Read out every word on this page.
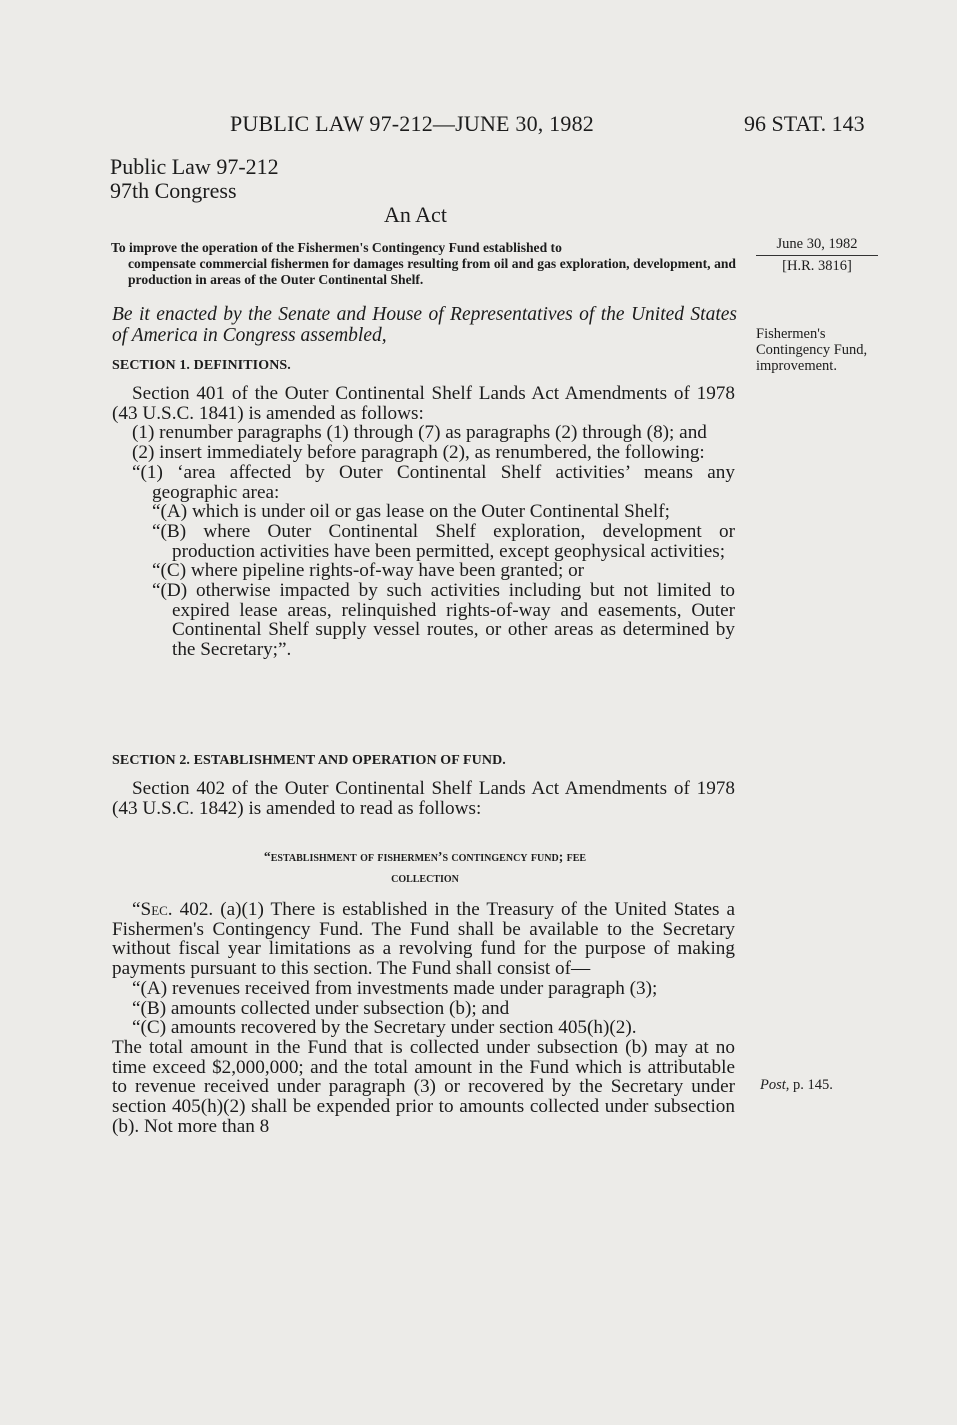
PUBLIC LAW 97-212—JUNE 30, 1982	96 STAT. 143
Public Law 97-212
97th Congress
An Act
To improve the operation of the Fishermen's Contingency Fund established to
compensate commercial fishermen for damages resulting from oil and gas exploration, development, and production in areas of the Outer Continental Shelf.
June 30, 1982
[H.R. 3816]
Fishermen's Contingency Fund, improvement.
Post, p. 145.
Be it enacted by the Senate and House of Representatives of the United States of America in Congress assembled,
SECTION 1. DEFINITIONS.
Section 401 of the Outer Continental Shelf Lands Act Amendments of 1978 (43 U.S.C. 1841) is amended as follows:
(1) renumber paragraphs (1) through (7) as paragraphs (2) through (8); and
(2) insert immediately before paragraph (2), as renumbered, the following:
“(1) ‘area affected by Outer Continental Shelf activities’ means any geographic area:
“(A) which is under oil or gas lease on the Outer Continental Shelf;
“(B) where Outer Continental Shelf exploration, development or production activities have been permitted, except geophysical activities;
“(C) where pipeline rights-of-way have been granted; or
“(D) otherwise impacted by such activities including but not limited to expired lease areas, relinquished rights-of-way and easements, Outer Continental Shelf supply vessel routes, or other areas as determined by the Secretary;”.
SECTION 2. ESTABLISHMENT AND OPERATION OF FUND.
Section 402 of the Outer Continental Shelf Lands Act Amendments of 1978 (43 U.S.C. 1842) is amended to read as follows:
“establishment of fishermen’s contingency fund; fee
collection
“Sec. 402. (a)(1) There is established in the Treasury of the United States a Fishermen's Contingency Fund. The Fund shall be available to the Secretary without fiscal year limitations as a revolving fund for the purpose of making payments pursuant to this section. The Fund shall consist of—
“(A) revenues received from investments made under paragraph (3);
“(B) amounts collected under subsection (b); and
“(C) amounts recovered by the Secretary under section 405(h)(2).
The total amount in the Fund that is collected under subsection (b) may at no time exceed $2,000,000; and the total amount in the Fund which is attributable to revenue received under paragraph (3) or recovered by the Secretary under section 405(h)(2) shall be expended prior to amounts collected under subsection (b). Not more than 8
